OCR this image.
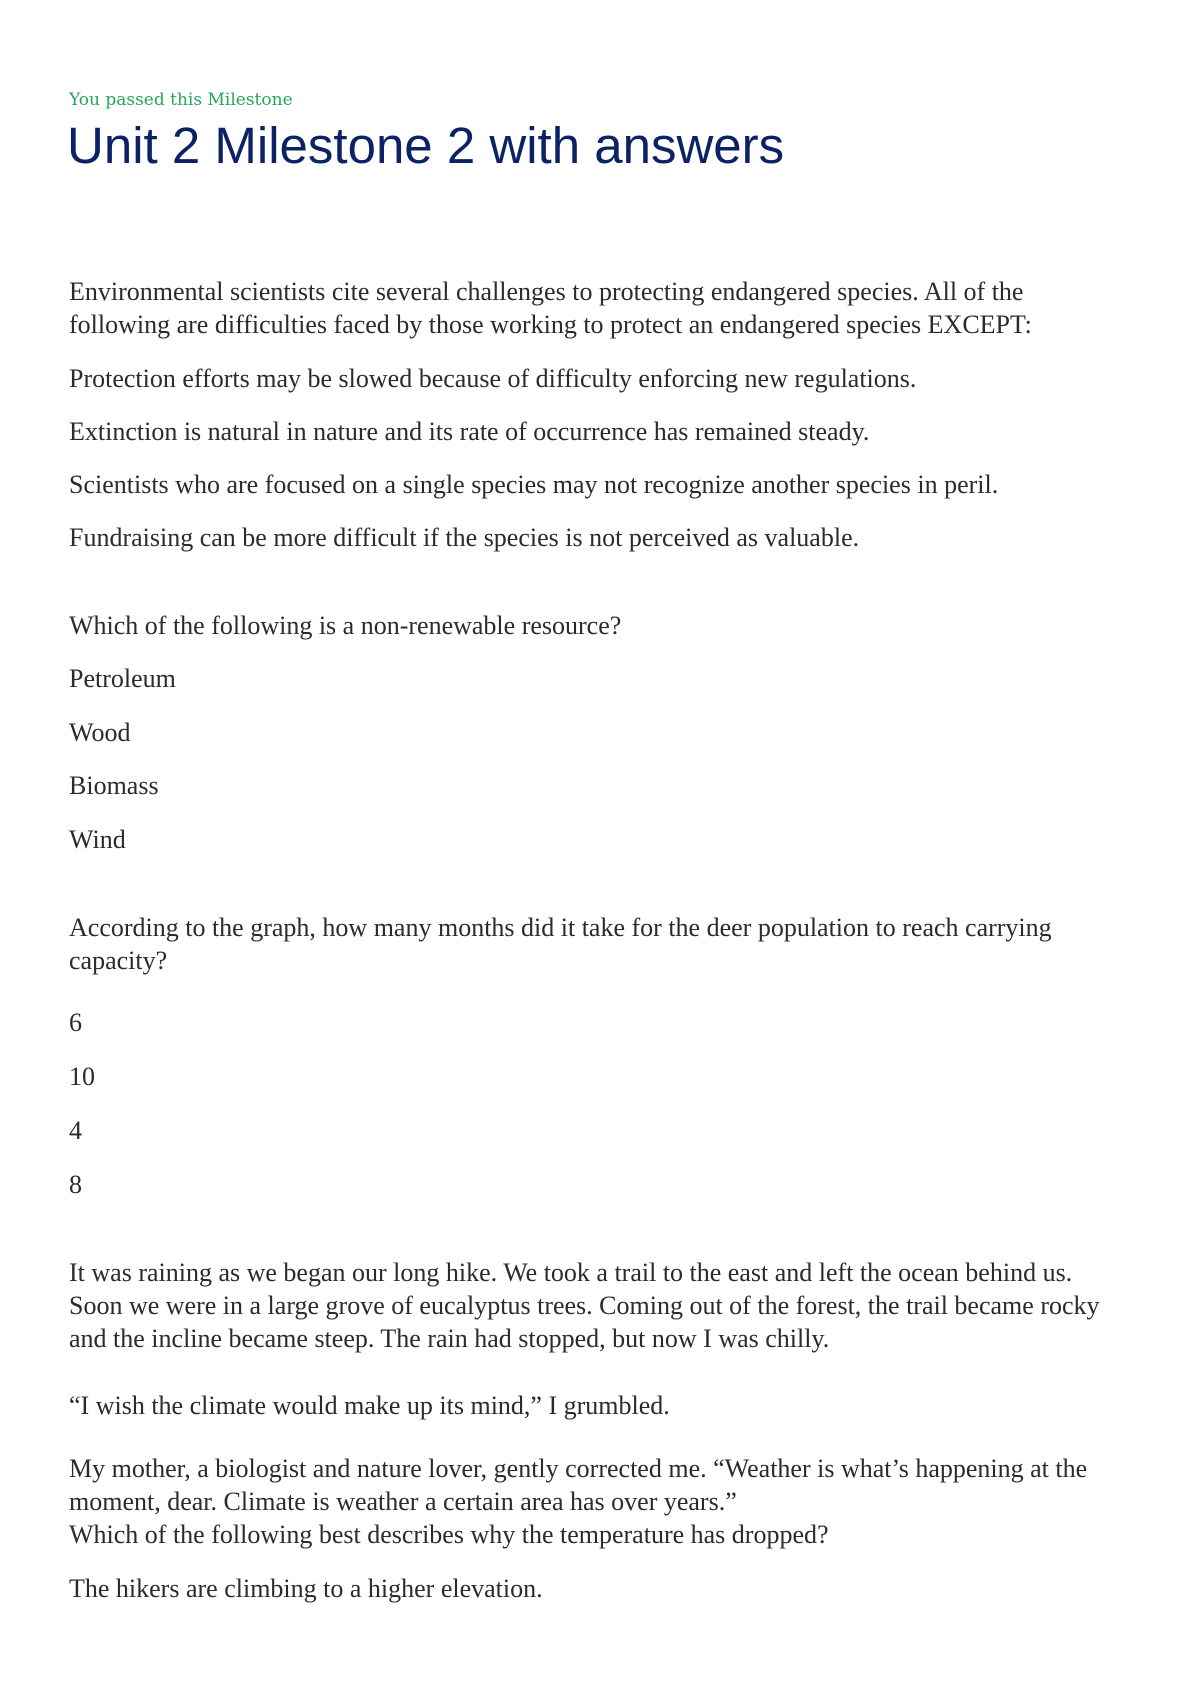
You passed this Milestone

Unit 2 Milestone 2 with answers

Environmental scientists cite several challenges to protecting endangered species. All of the following are difficulties faced by those working to protect an endangered species EXCEPT:

Protection efforts may be slowed because of difficulty enforcing new regulations.

Extinction is natural in nature and its rate of occurrence has remained steady.

Scientists who are focused on a single species may not recognize another species in peril.

Fundraising can be more difficult if the species is not perceived as valuable.

Which of the following is a non-renewable resource?

Petroleum

Wood

Biomass

Wind

According to the graph, how many months did it take for the deer population to reach carrying capacity?

6

10

4

8

It was raining as we began our long hike. We took a trail to the east and left the ocean behind us. Soon we were in a large grove of eucalyptus trees. Coming out of the forest, the trail became rocky and the incline became steep. The rain had stopped, but now I was chilly.

“I wish the climate would make up its mind,” I grumbled.

My mother, a biologist and nature lover, gently corrected me. “Weather is what’s happening at the moment, dear. Climate is weather a certain area has over years.”

Which of the following best describes why the temperature has dropped?

The hikers are climbing to a higher elevation.
